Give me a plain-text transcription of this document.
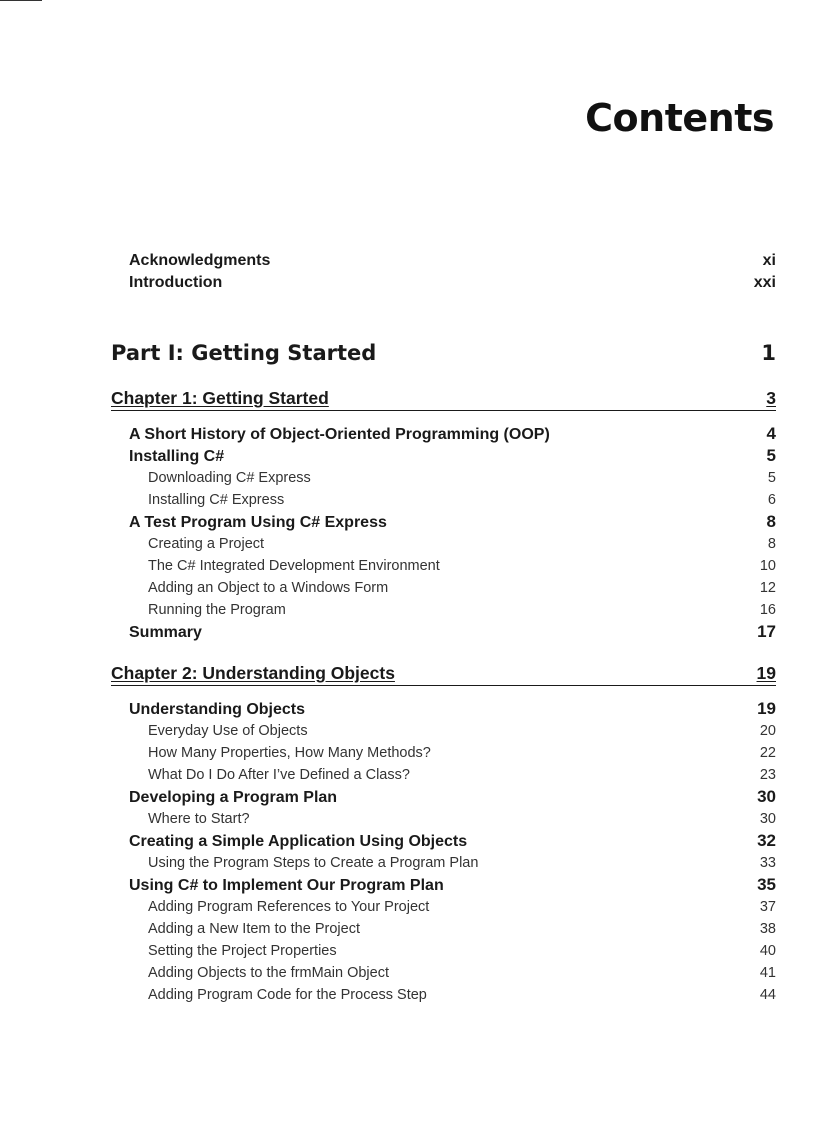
Contents
Acknowledgments	xi
Introduction	xxi
Part I: Getting Started	1
Chapter 1: Getting Started	3
A Short History of Object-Oriented Programming (OOP)	4
Installing C#	5
Downloading C# Express	5
Installing C# Express	6
A Test Program Using C# Express	8
Creating a Project	8
The C# Integrated Development Environment	10
Adding an Object to a Windows Form	12
Running the Program	16
Summary	17
Chapter 2: Understanding Objects	19
Understanding Objects	19
Everyday Use of Objects	20
How Many Properties, How Many Methods?	22
What Do I Do After I’ve Defined a Class?	23
Developing a Program Plan	30
Where to Start?	30
Creating a Simple Application Using Objects	32
Using the Program Steps to Create a Program Plan	33
Using C# to Implement Our Program Plan	35
Adding Program References to Your Project	37
Adding a New Item to the Project	38
Setting the Project Properties	40
Adding Objects to the frmMain Object	41
Adding Program Code for the Process Step	44
